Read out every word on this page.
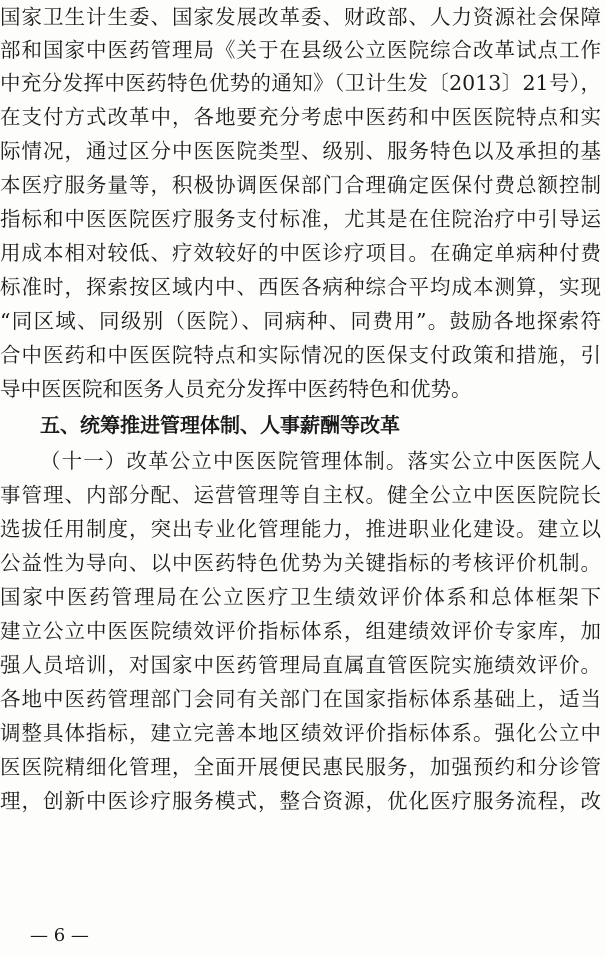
国家卫生计生委、国家发展改革委、财政部、人力资源社会保障
部和国家中医药管理局《关于在县级公立医院综合改革试点工作
中充分发挥中医药特色优势的通知》（卫计生发〔2013〕21号），
在支付方式改革中，各地要充分考虑中医药和中医医院特点和实
际情况，通过区分中医医院类型、级别、服务特色以及承担的基
本医疗服务量等，积极协调医保部门合理确定医保付费总额控制
指标和中医医院医疗服务支付标准，尤其是在住院治疗中引导运
用成本相对较低、疗效较好的中医诊疗项目。在确定单病种付费
标准时，探索按区域内中、西医各病种综合平均成本测算，实现
“同区域、同级别（医院）、同病种、同费用”。鼓励各地探索符
合中医药和中医医院特点和实际情况的医保支付政策和措施，引
导中医医院和医务人员充分发挥中医药特色和优势。
五、统筹推进管理体制、人事薪酬等改革
（十一）改革公立中医医院管理体制。落实公立中医医院人
事管理、内部分配、运营管理等自主权。健全公立中医医院院长
选拔任用制度，突出专业化管理能力，推进职业化建设。建立以
公益性为导向、以中医药特色优势为关键指标的考核评价机制。
国家中医药管理局在公立医疗卫生绩效评价体系和总体框架下
建立公立中医医院绩效评价指标体系，组建绩效评价专家库，加
强人员培训，对国家中医药管理局直属直管医院实施绩效评价。
各地中医药管理部门会同有关部门在国家指标体系基础上，适当
调整具体指标，建立完善本地区绩效评价指标体系。强化公立中
医医院精细化管理，全面开展便民惠民服务，加强预约和分诊管
理，创新中医诊疗服务模式，整合资源，优化医疗服务流程，改
— 6 —
